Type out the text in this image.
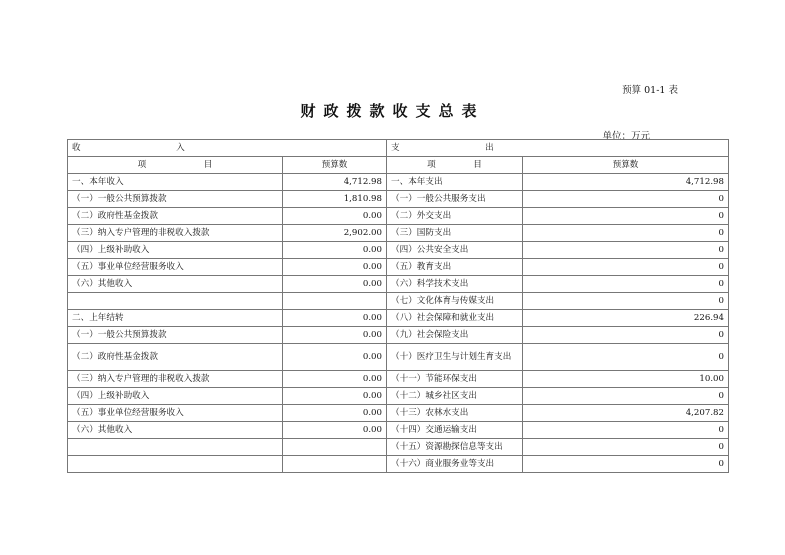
预算 01-1 表
财政拨款收支总表
单位：万元
收 入		支 出	
项 目	预算数	项 目	预算数
一、本年收入	4,712.98	一、本年支出	4,712.98
（一）一般公共预算拨款	1,810.98	（一）一般公共服务支出	0
（二）政府性基金拨款	0.00	（二）外交支出	0
（三）纳入专户管理的非税收入拨款	2,902.00	（三）国防支出	0
（四）上级补助收入	0.00	（四）公共安全支出	0
（五）事业单位经营服务收入	0.00	（五）教育支出	0
（六）其他收入	0.00	（六）科学技术支出	0
		（七）文化体育与传媒支出	0
二、上年结转	0.00	（八）社会保障和就业支出	226.94
（一）一般公共预算拨款	0.00	（九）社会保险支出	0
（二）政府性基金拨款	0.00	（十）医疗卫生与计划生育支出	0
（三）纳入专户管理的非税收入拨款	0.00	（十一）节能环保支出	10.00
（四）上级补助收入	0.00	（十二）城乡社区支出	0
（五）事业单位经营服务收入	0.00	（十三）农林水支出	4,207.82
（六）其他收入	0.00	（十四）交通运输支出	0
		（十五）资源勘探信息等支出	0
		（十六）商业服务业等支出	0
